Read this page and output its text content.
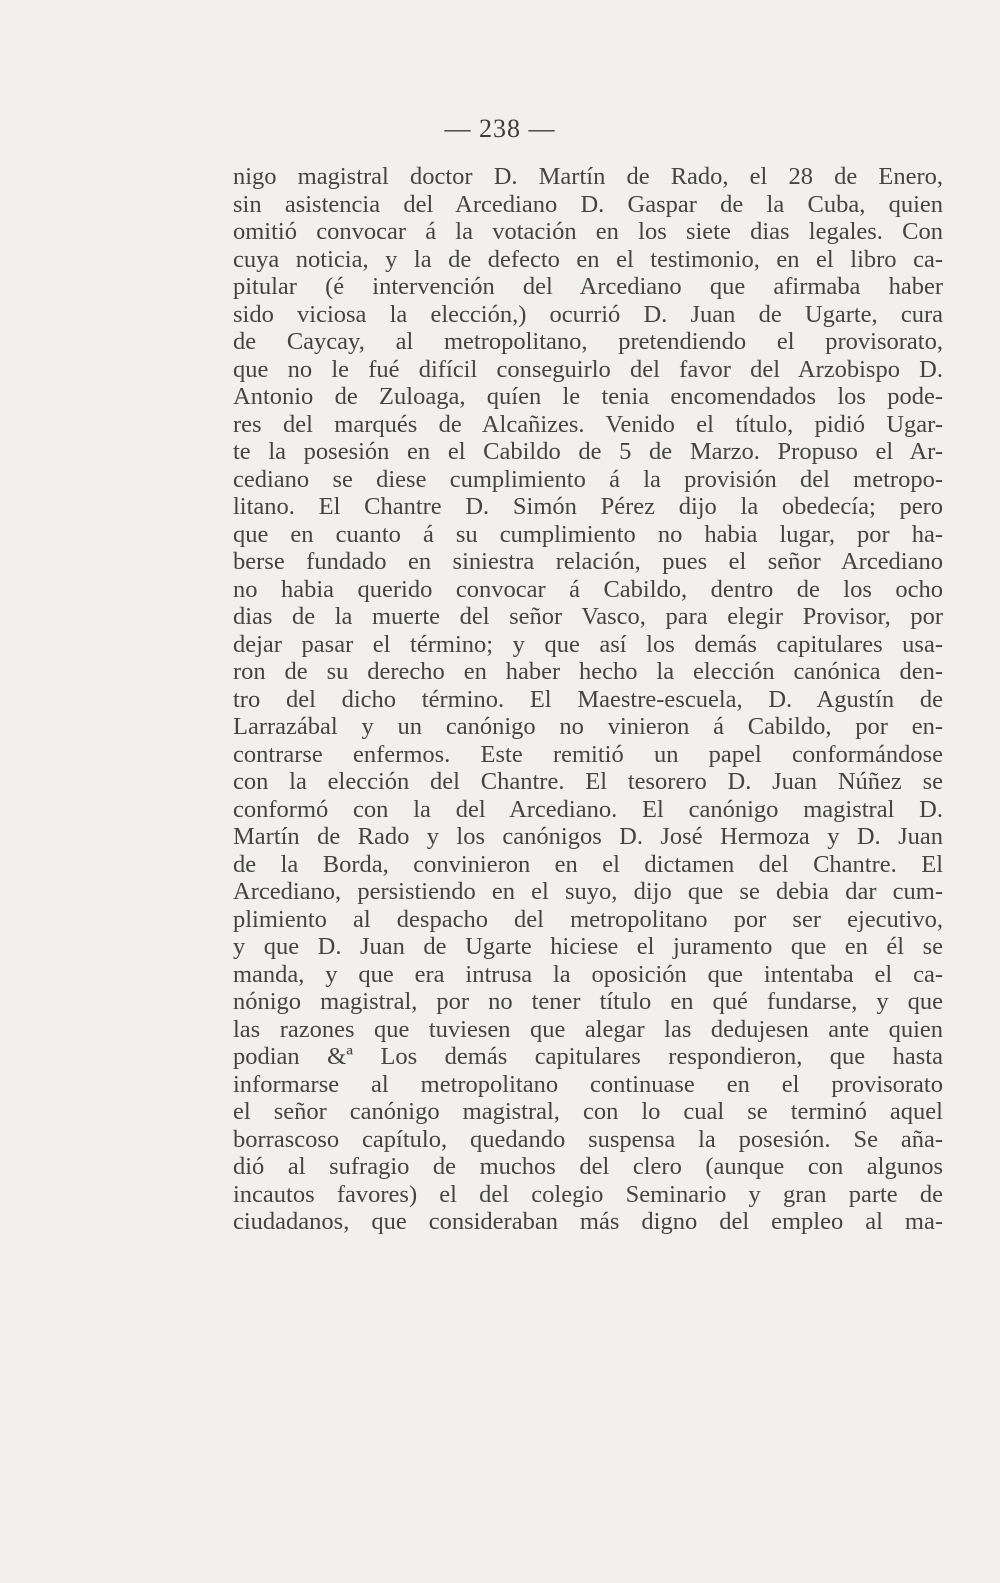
— 238 —
nigo magistral doctor D. Martín de Rado, el 28 de Enero,
sin asistencia del Arcediano D. Gaspar de la Cuba, quien
omitió convocar á la votación en los siete dias legales. Con
cuya noticia, y la de defecto en el testimonio, en el libro ca-
pitular (é intervención del Arcediano que afirmaba haber
sido viciosa la elección,) ocurrió D. Juan de Ugarte, cura
de Caycay, al metropolitano, pretendiendo el provisorato,
que no le fué difícil conseguirlo del favor del Arzobispo D.
Antonio de Zuloaga, quíen le tenia encomendados los pode-
res del marqués de Alcañizes. Venido el título, pidió Ugar-
te la posesión en el Cabildo de 5 de Marzo. Propuso el Ar-
cediano se diese cumplimiento á la provisión del metropo-
litano. El Chantre D. Simón Pérez dijo la obedecía; pero
que en cuanto á su cumplimiento no habia lugar, por ha-
berse fundado en siniestra relación, pues el señor Arcediano
no habia querido convocar á Cabildo, dentro de los ocho
dias de la muerte del señor Vasco, para elegir Provisor, por
dejar pasar el término; y que así los demás capitulares usa-
ron de su derecho en haber hecho la elección canónica den-
tro del dicho término. El Maestre-escuela, D. Agustín de
Larrazábal y un canónigo no vinieron á Cabildo, por en-
contrarse enfermos. Este remitió un papel conformándose
con la elección del Chantre. El tesorero D. Juan Núñez se
conformó con la del Arcediano. El canónigo magistral D.
Martín de Rado y los canónigos D. José Hermoza y D. Juan
de la Borda, convinieron en el dictamen del Chantre. El
Arcediano, persistiendo en el suyo, dijo que se debia dar cum-
plimiento al despacho del metropolitano por ser ejecutivo,
y que D. Juan de Ugarte hiciese el juramento que en él se
manda, y que era intrusa la oposición que intentaba el ca-
nónigo magistral, por no tener título en qué fundarse, y que
las razones que tuviesen que alegar las dedujesen ante quien
podian &ª Los demás capitulares respondieron, que hasta
informarse al metropolitano continuase en el provisorato
el señor canónigo magistral, con lo cual se terminó aquel
borrascoso capítulo, quedando suspensa la posesión. Se aña-
dió al sufragio de muchos del clero (aunque con algunos
incautos favores) el del colegio Seminario y gran parte de
ciudadanos, que consideraban más digno del empleo al ma-
